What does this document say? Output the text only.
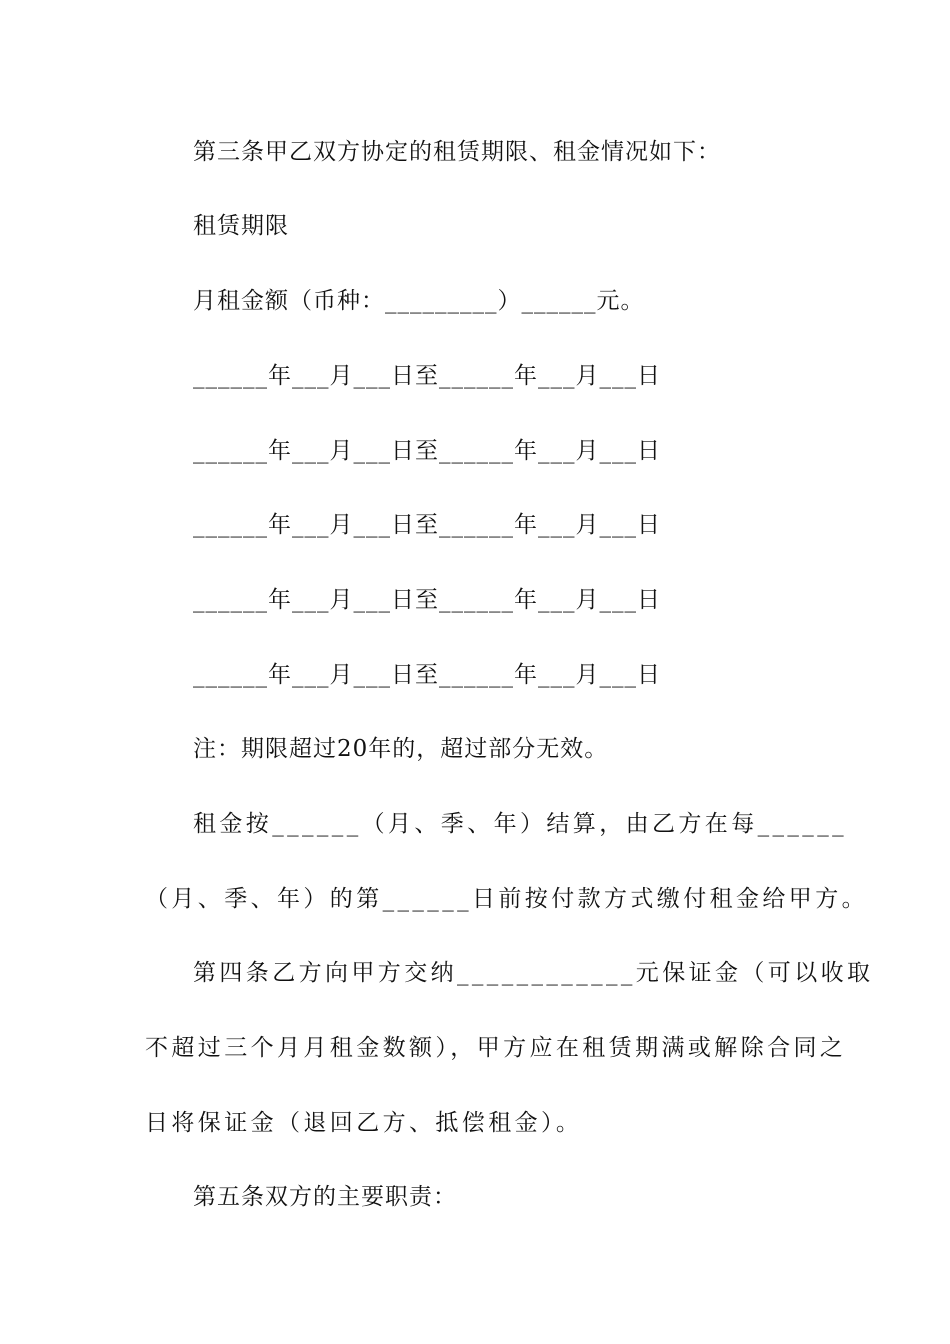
第三条甲乙双方协定的租赁期限、租金情况如下：
租赁期限
月租金额（币种：_________）______元。
______年___月___日至______年___月___日
______年___月___日至______年___月___日
______年___月___日至______年___月___日
______年___月___日至______年___月___日
______年___月___日至______年___月___日
注：期限超过20年的，超过部分无效。
租金按______（月、季、年）结算，由乙方在每______
（月、季、年）的第______日前按付款方式缴付租金给甲方。
第四条乙方向甲方交纳____________元保证金（可以收取
不超过三个月月租金数额），甲方应在租赁期满或解除合同之
日将保证金（退回乙方、抵偿租金）。
第五条双方的主要职责：
